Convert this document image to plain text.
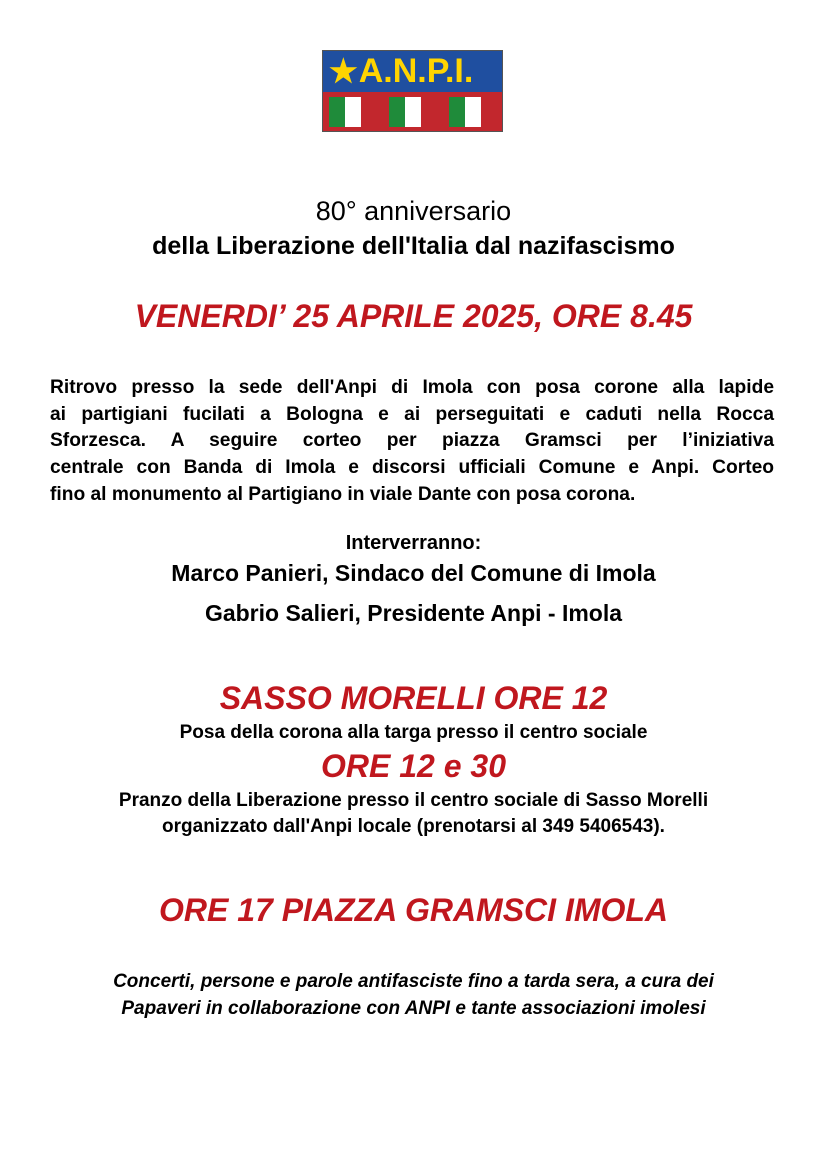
★A.N.P.I.
80° anniversario
della Liberazione dell'Italia dal nazifascismo
VENERDI’ 25 APRILE 2025, ORE 8.45
Ritrovo presso la sede dell'Anpi di Imola con posa corone alla lapide
ai partigiani fucilati a Bologna e ai perseguitati e caduti nella Rocca
Sforzesca. A seguire corteo per piazza Gramsci per l’iniziativa
centrale con Banda di Imola e discorsi ufficiali Comune e Anpi. Corteo
fino al monumento al Partigiano in viale Dante con posa corona.
Interverranno:
Marco Panieri, Sindaco del Comune di Imola
Gabrio Salieri, Presidente Anpi - Imola
SASSO MORELLI ORE 12
Posa della corona alla targa presso il centro sociale
ORE 12 e 30
Pranzo della Liberazione presso il centro sociale di Sasso Morelli
organizzato dall'Anpi locale (prenotarsi al 349 5406543).
ORE 17 PIAZZA GRAMSCI IMOLA
Concerti, persone e parole antifasciste fino a tarda sera, a cura dei
Papaveri in collaborazione con ANPI e tante associazioni imolesi
